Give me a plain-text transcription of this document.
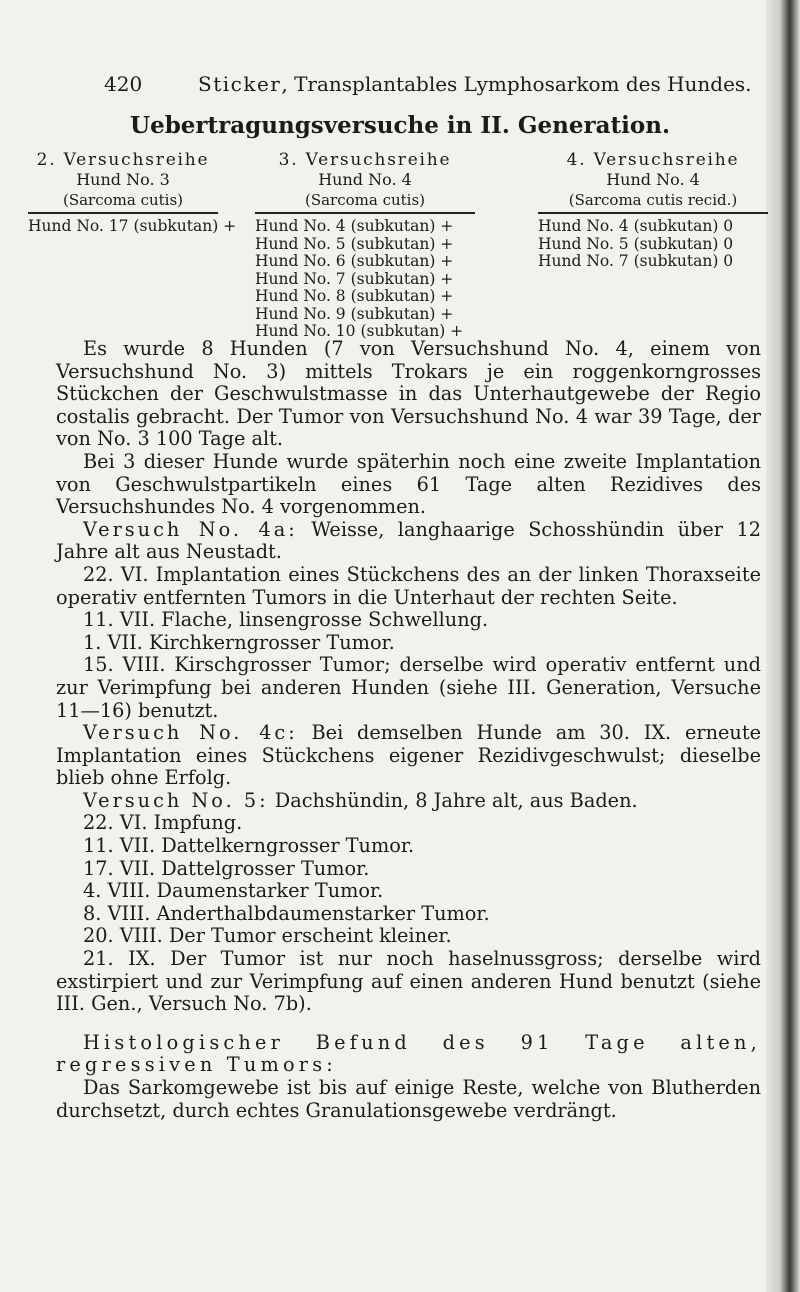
420	Sticker, Transplantables Lymphosarkom des Hundes.
Uebertragungsversuche in II. Generation.
2. Versuchsreihe
Hund No. 3
(Sarcoma cutis)
Hund No. 17 (subkutan) +
3. Versuchsreihe
Hund No. 4
(Sarcoma cutis)
Hund No. 4 (subkutan) +
Hund No. 5 (subkutan) +
Hund No. 6 (subkutan) +
Hund No. 7 (subkutan) +
Hund No. 8 (subkutan) +
Hund No. 9 (subkutan) +
Hund No. 10 (subkutan) +
4. Versuchsreihe
Hund No. 4
(Sarcoma cutis recid.)
Hund No. 4 (subkutan) 0
Hund No. 5 (subkutan) 0
Hund No. 7 (subkutan) 0

Es wurde 8 Hunden (7 von Versuchshund No. 4, einem von Versuchshund No. 3) mittels Trokars je ein roggenkorngrosses Stückchen der Geschwulstmasse in das Unterhautgewebe der Regio costalis gebracht. Der Tumor von Versuchshund No. 4 war 39 Tage, der von No. 3 100 Tage alt.

Bei 3 dieser Hunde wurde späterhin noch eine zweite Implantation von Geschwulstpartikeln eines 61 Tage alten Rezidives des Versuchshundes No. 4 vorgenommen.

Versuch No. 4a: Weisse, langhaarige Schosshündin über 12 Jahre alt aus Neustadt.

22. VI. Implantation eines Stückchens des an der linken Thoraxseite operativ entfernten Tumors in die Unterhaut der rechten Seite.

11. VII. Flache, linsengrosse Schwellung.

1. VII. Kirchkerngrosser Tumor.

15. VIII. Kirschgrosser Tumor; derselbe wird operativ entfernt und zur Verimpfung bei anderen Hunden (siehe III. Generation, Versuche 11—16) benutzt.

Versuch No. 4c: Bei demselben Hunde am 30. IX. erneute Implantation eines Stückchens eigener Rezidivgeschwulst; dieselbe blieb ohne Erfolg.

Versuch No. 5: Dachshündin, 8 Jahre alt, aus Baden.

22. VI. Impfung.

11. VII. Dattelkerngrosser Tumor.

17. VII. Dattelgrosser Tumor.

4. VIII. Daumenstarker Tumor.

8. VIII. Anderthalbdaumenstarker Tumor.

20. VIII. Der Tumor erscheint kleiner.

21. IX. Der Tumor ist nur noch haselnussgross; derselbe wird exstirpiert und zur Verimpfung auf einen anderen Hund benutzt (siehe III. Gen., Versuch No. 7b).

Histologischer Befund des 91 Tage alten, regressiven Tumors:

Das Sarkomgewebe ist bis auf einige Reste, welche von Blutherden durchsetzt, durch echtes Granulationsgewebe verdrängt.
